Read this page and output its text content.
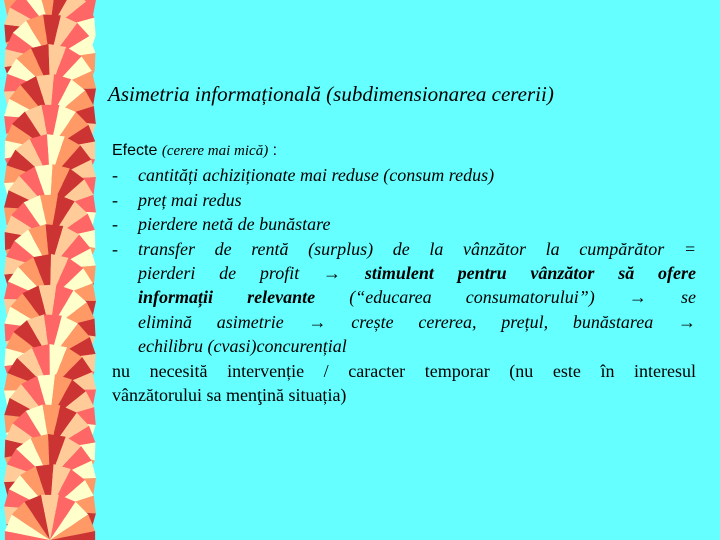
Asimetria informațională (subdimensionarea cererii)
Efecte (cerere mai mică) :
-	cantități achiziționate mai reduse (consum redus)
-	preț mai redus
-	pierdere netă de bunăstare
-	transfer de rentă (surplus) de la vânzător la cumpărător =
pierderi de profit → stimulent pentru vânzător să ofere
informații relevante (“educarea consumatorului”) → se
elimină asimetrie → crește cererea, prețul, bunăstarea →
echilibru (cvasi)concurențial
nu necesită intervenție / caracter temporar (nu este în interesul
vânzătorului sa menţină situația)
